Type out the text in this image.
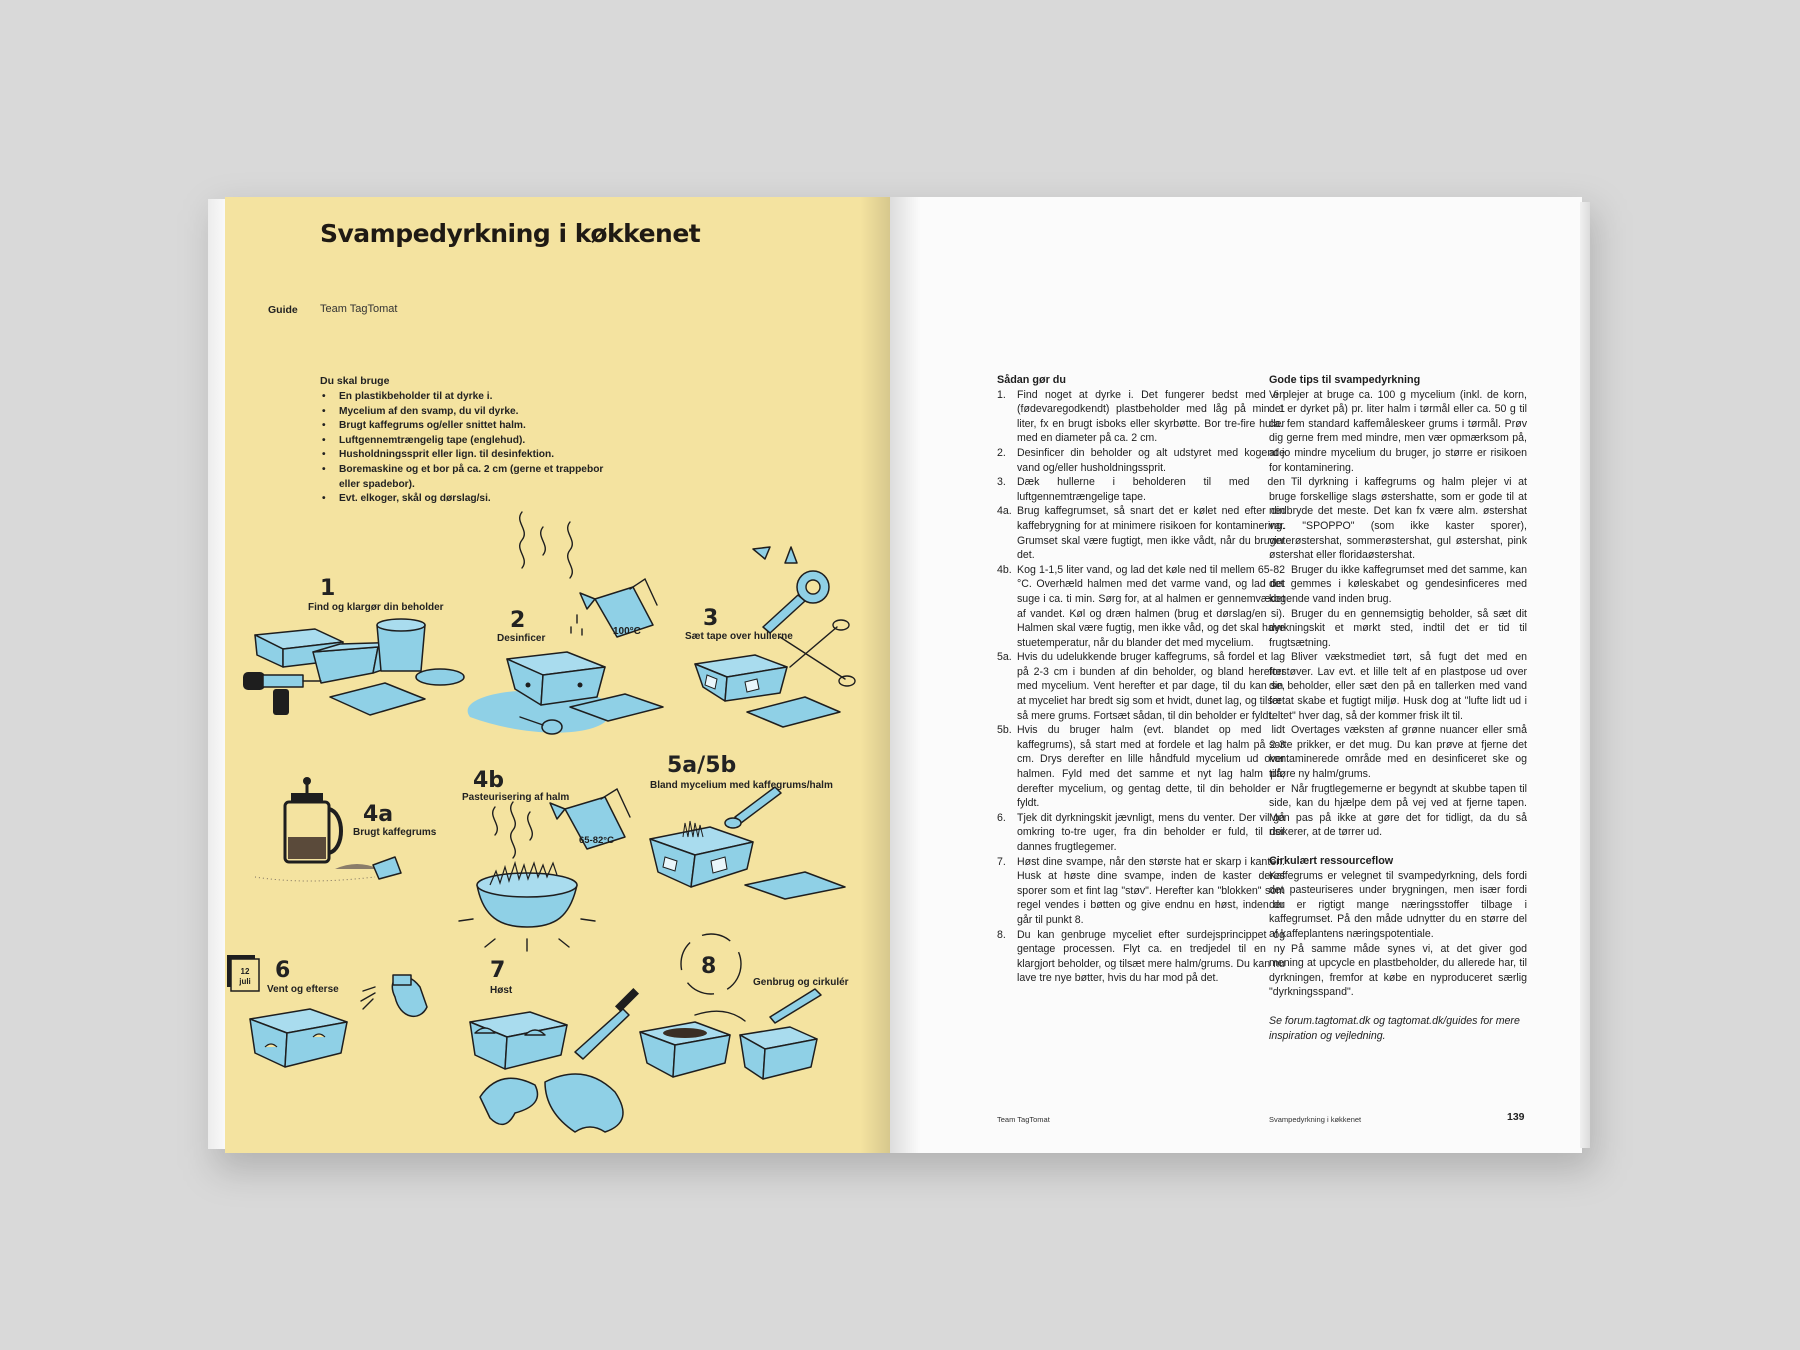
Svampedyrkning i køkkenet
Guide Team TagTomat
Du skal bruge
• En plastikbeholder til at dyrke i.
• Mycelium af den svamp, du vil dyrke.
• Brugt kaffegrums og/eller snittet halm.
• Luftgennemtrængelig tape (englehud).
• Husholdningssprit eller lign. til desinfektion.
• Boremaskine og et bor på ca. 2 cm (gerne et trappebor eller spadebor).
• Evt. elkoger, skål og dørslag/si.
1
Find og klargør din beholder
2
Desinficer
100°C
3
Sæt tape over hullerne
4a
Brugt kaffegrums
4b
Pasteurisering af halm
65-82°C
5a/5b
Bland mycelium med kaffegrums/halm
12
juli 6
Vent og efterse
7
Høst
8
Genbrug og cirkulér
Sådan gør du
1. Find noget at dyrke i. Det fungerer bedst med en (fødevaregodkendt) plastbeholder med låg på min. 1 liter, fx en brugt isboks eller skyrbøtte. Bor tre-fire huller med en diameter på ca. 2 cm.
2. Desinficer din beholder og alt udstyret med kogende vand og/eller husholdningssprit.
3. Dæk hullerne i beholderen til med den luftgennemtrængelige tape.
4a. Brug kaffegrumset, så snart det er kølet ned efter din kaffebrygning for at minimere risikoen for kontaminering. Grumset skal være fugtigt, men ikke vådt, når du bruger det.
4b. Kog 1-1,5 liter vand, og lad det køle ned til mellem 65-82 °C. Overhæld halmen med det varme vand, og lad det suge i ca. ti min. Sørg for, at al halmen er gennemvædet af vandet. Køl og dræn halmen (brug et dørslag/en si). Halmen skal være fugtig, men ikke våd, og det skal have stuetemperatur, når du blander det med mycelium.
5a. Hvis du udelukkende bruger kaffegrums, så fordel et lag på 2-3 cm i bunden af din beholder, og bland herefter med mycelium. Vent herefter et par dage, til du kan se, at myceliet har bredt sig som et hvidt, dunet lag, og tilsæt så mere grums. Fortsæt sådan, til din beholder er fyldt.
5b. Hvis du bruger halm (evt. blandet op med lidt kaffegrums), så start med at fordele et lag halm på 2-3 cm. Drys derefter en lille håndfuld mycelium ud over halmen. Fyld med det samme et nyt lag halm på, derefter mycelium, og gentag dette, til din beholder er fyldt.
6. Tjek dit dyrkningskit jævnligt, mens du venter. Der vil gå omkring to-tre uger, fra din beholder er fuld, til der dannes frugtlegemer.
7. Høst dine svampe, når den største hat er skarp i kanten. Husk at høste dine svampe, inden de kaster deres sporer som et fint lag "støv". Herefter kan "blokken" som regel vendes i bøtten og give endnu en høst, inden du går til punkt 8.
8. Du kan genbruge myceliet efter surdejsprincippet og gentage processen. Flyt ca. en tredjedel til en ny klargjort beholder, og tilsæt mere halm/grums. Du kan nu lave tre nye bøtter, hvis du har mod på det.
Gode tips til svampedyrkning

Vi plejer at bruge ca. 100 g mycelium (inkl. de korn, det er dyrket på) pr. liter halm i tørmål eller ca. 50 g til ca. fem standard kaffemåleskeer grums i tørmål. Prøv dig gerne frem med mindre, men vær opmærksom på, at jo mindre mycelium du bruger, jo større er risikoen for kontaminering.

Til dyrkning i kaffegrums og halm plejer vi at bruge forskellige slags østershatte, som er gode til at nedbryde det meste. Det kan fx være alm. østershat var. "SPOPPO" (som ikke kaster sporer), vinterøstershat, sommerøstershat, gul østershat, pink østershat eller floridaøstershat.

Bruger du ikke kaffegrumset med det samme, kan det gemmes i køleskabet og gendesinficeres med kogende vand inden brug.

Bruger du en gennemsigtig beholder, så sæt dit dyrkningskit et mørkt sted, indtil det er tid til frugtsætning.

Bliver vækstmediet tørt, så fugt det med en forstøver. Lav evt. et lille telt af en plastpose ud over din beholder, eller sæt den på en tallerken med vand for at skabe et fugtigt miljø. Husk dog at "lufte lidt ud i teltet" hver dag, så der kommer frisk ilt til.

Overtages væksten af grønne nuancer eller små sorte prikker, er det mug. Du kan prøve at fjerne det kontaminerede område med en desinficeret ske og tilføre ny halm/grums.

Når frugtlegemerne er begyndt at skubbe tapen til side, kan du hjælpe dem på vej ved at fjerne tapen. Men pas på ikke at gøre det for tidligt, da du så risikerer, at de tørrer ud.

Cirkulært ressourceflow

Kaffegrums er velegnet til svampedyrkning, dels fordi det pasteuriseres under brygningen, men især fordi der er rigtigt mange næringsstoffer tilbage i kaffegrumset. På den måde udnytter du en større del af kaffeplantens næringspotentiale.

På samme måde synes vi, at det giver god mening at upcycle en plastbeholder, du allerede har, til dyrkningen, fremfor at købe en nyproduceret særlig "dyrkningsspand".

Se forum.tagtomat.dk og tagtomat.dk/guides for mere inspiration og vejledning.

Team TagTomat	Svampedyrkning i køkkenet	139
